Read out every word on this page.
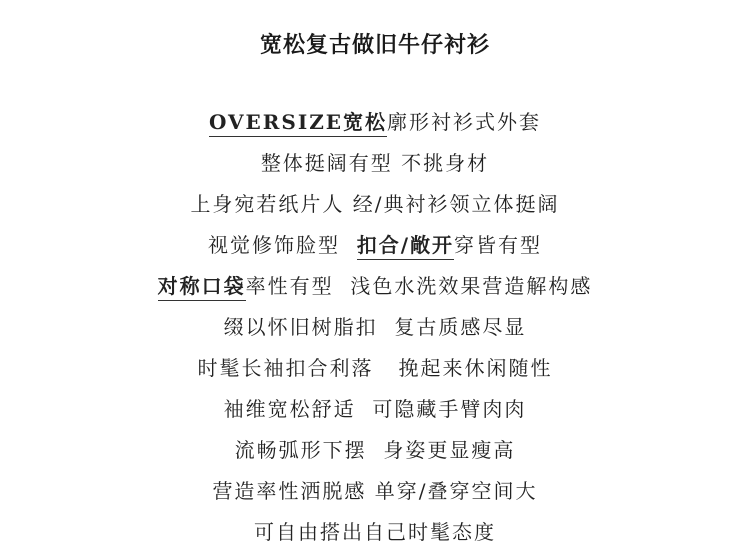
宽松复古做旧牛仔衬衫
OVERSIZE宽松廓形衬衫式外套
整体挺阔有型 不挑身材
上身宛若纸片人 经/典衬衫领立体挺阔
视觉修饰脸型  扣合/敞开穿皆有型
对称口袋率性有型  浅色水洗效果营造解构感
缀以怀旧树脂扣  复古质感尽显
时髦长袖扣合利落   挽起来休闲随性
袖维宽松舒适  可隐藏手臂肉肉
流畅弧形下摆  身姿更显瘦高
营造率性洒脱感 单穿/叠穿空间大
可自由搭出自己时髦态度
